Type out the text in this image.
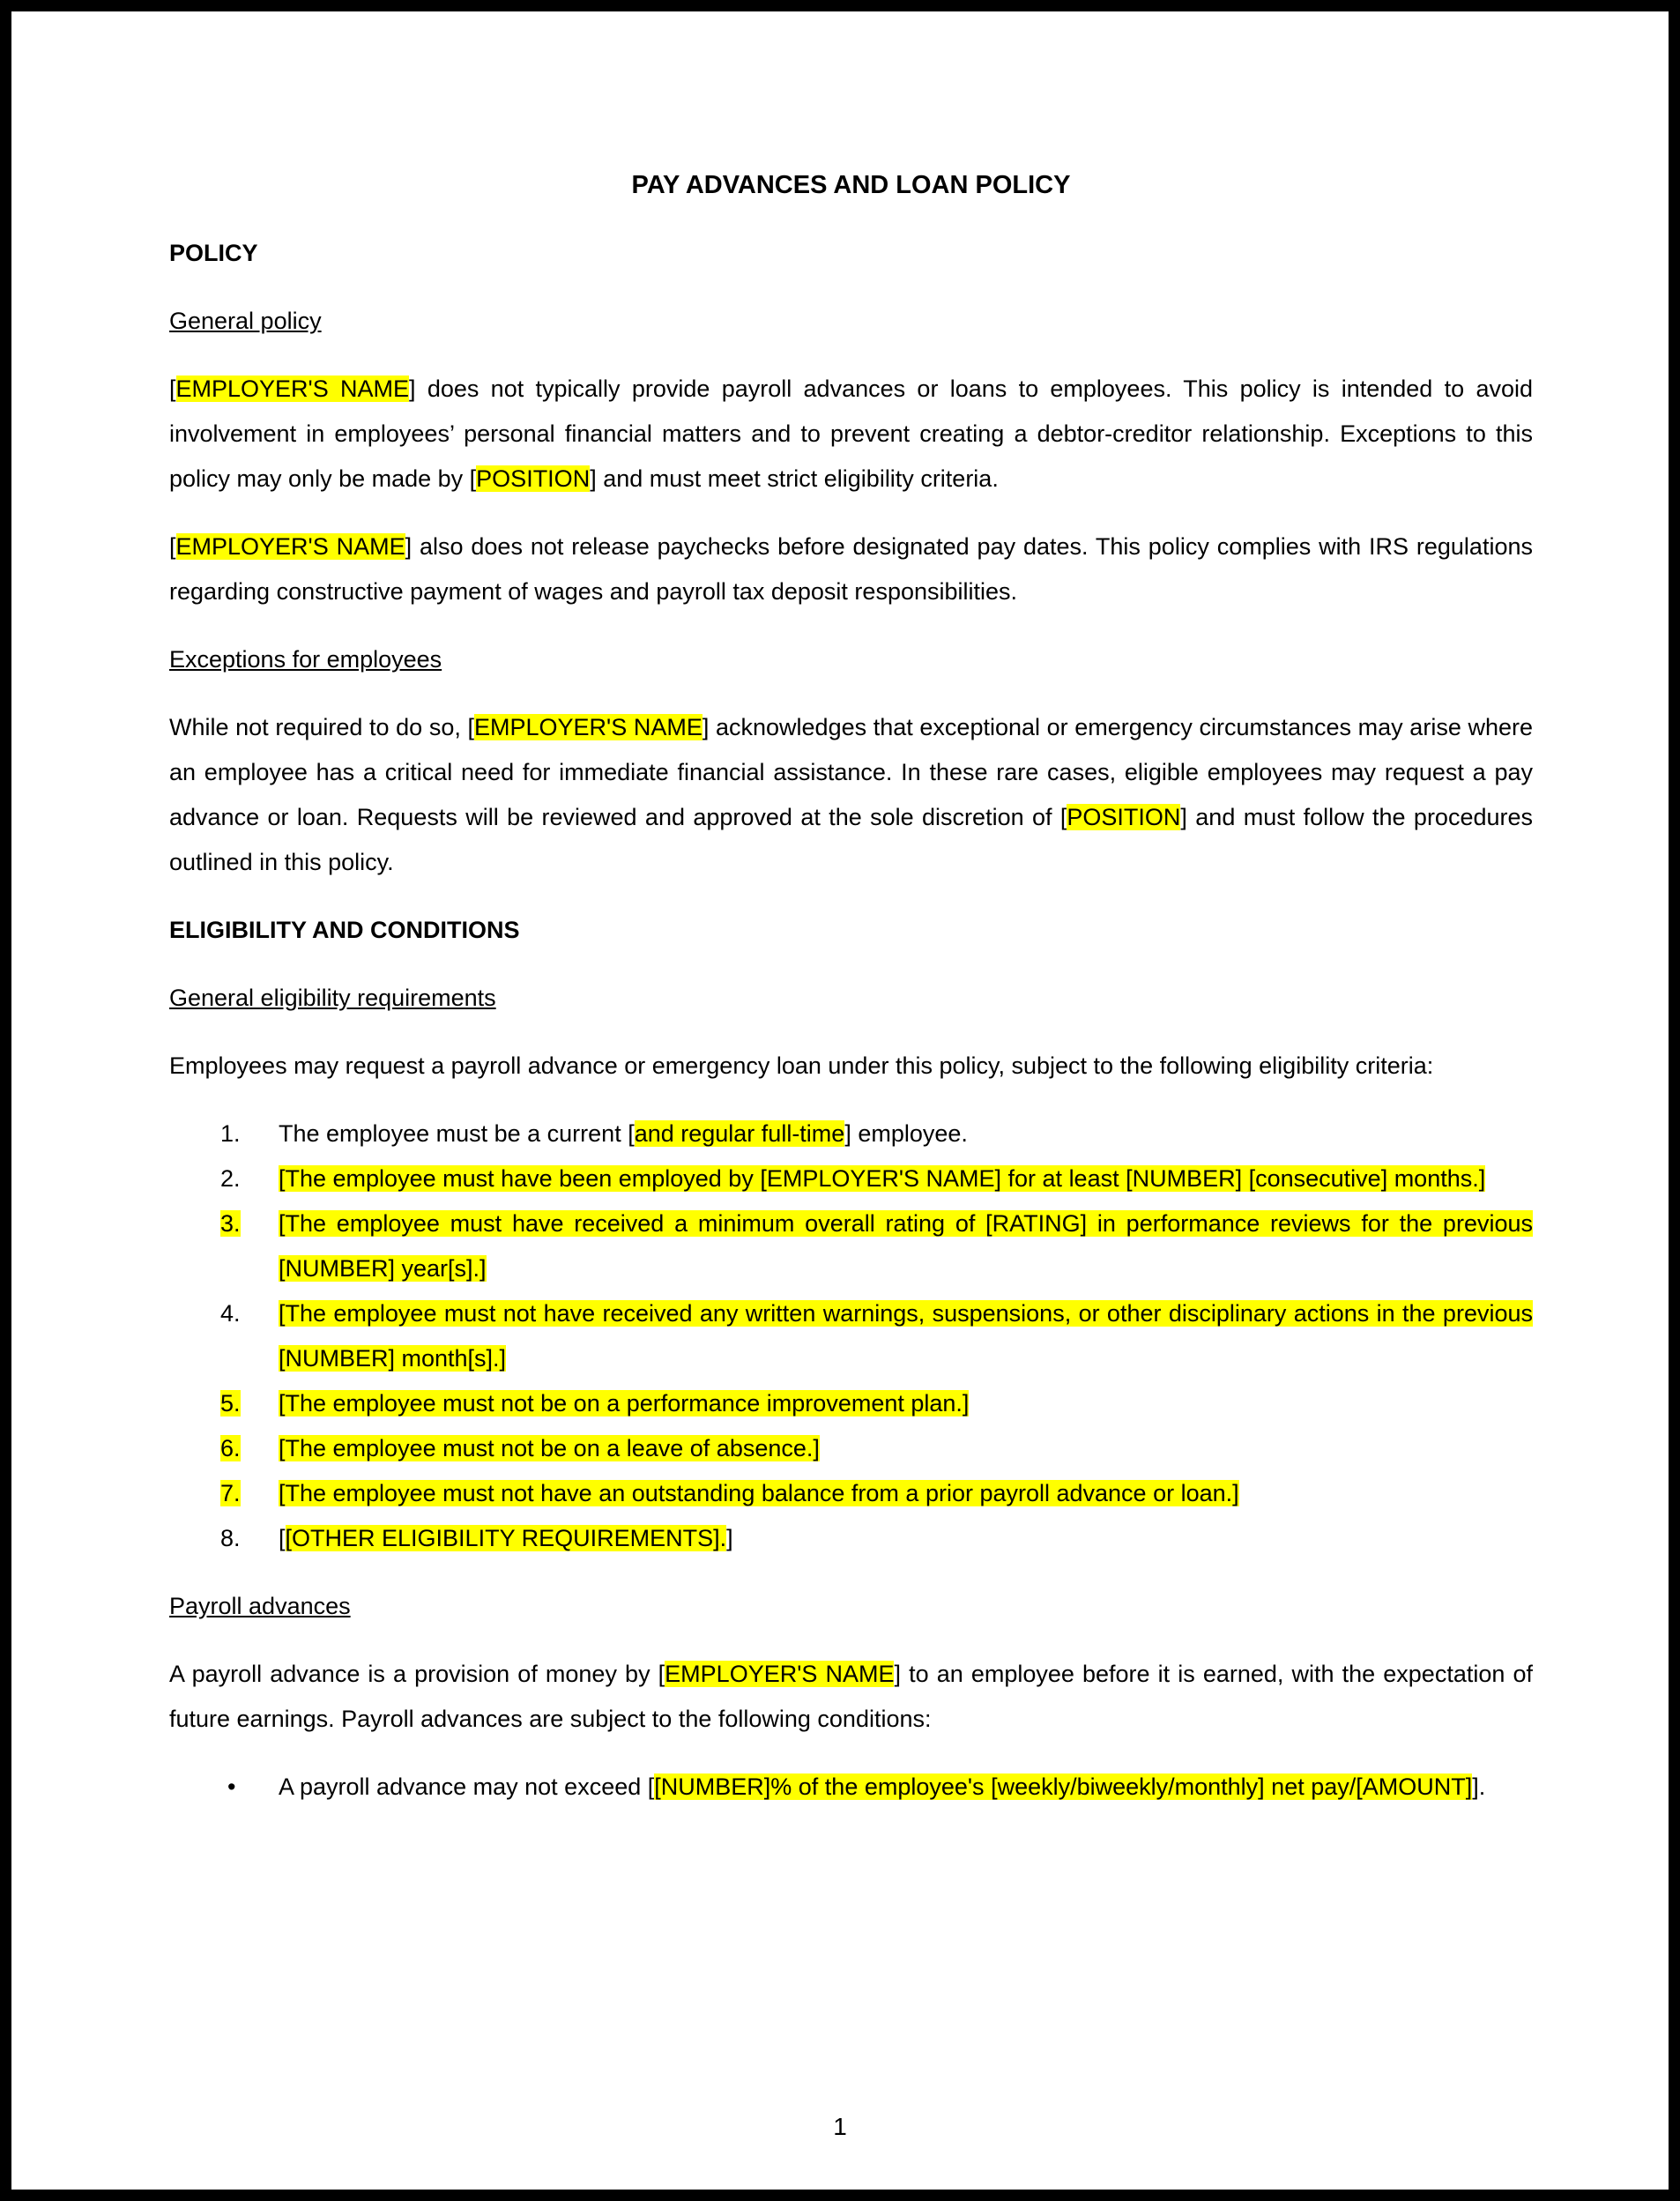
PAY ADVANCES AND LOAN POLICY
POLICY
General policy

[EMPLOYER'S NAME] does not typically provide payroll advances or loans to employees. This policy is intended to avoid involvement in employees’ personal financial matters and to prevent creating a debtor-creditor relationship. Exceptions to this policy may only be made by [POSITION] and must meet strict eligibility criteria.

[EMPLOYER'S NAME] also does not release paychecks before designated pay dates. This policy complies with IRS regulations regarding constructive payment of wages and payroll tax deposit responsibilities.

Exceptions for employees

While not required to do so, [EMPLOYER'S NAME] acknowledges that exceptional or emergency circumstances may arise where an employee has a critical need for immediate financial assistance. In these rare cases, eligible employees may request a pay advance or loan. Requests will be reviewed and approved at the sole discretion of [POSITION] and must follow the procedures outlined in this policy.

ELIGIBILITY AND CONDITIONS
General eligibility requirements

Employees may request a payroll advance or emergency loan under this policy, subject to the following eligibility criteria:

1.	The employee must be a current [and regular full-time] employee.
2.	[The employee must have been employed by [EMPLOYER'S NAME] for at least [NUMBER] [consecutive] months.]
3.	[The employee must have received a minimum overall rating of [RATING] in performance reviews for the previous [NUMBER] year[s].]
4.	[The employee must not have received any written warnings, suspensions, or other disciplinary actions in the previous [NUMBER] month[s].]
5.	[The employee must not be on a performance improvement plan.]
6.	[The employee must not be on a leave of absence.]
7.	[The employee must not have an outstanding balance from a prior payroll advance or loan.]
8.	[[OTHER ELIGIBILITY REQUIREMENTS].]
Payroll advances

A payroll advance is a provision of money by [EMPLOYER'S NAME] to an employee before it is earned, with the expectation of future earnings. Payroll advances are subject to the following conditions:

•	A payroll advance may not exceed [[NUMBER]% of the employee's [weekly/biweekly/monthly] net pay/[AMOUNT]].
1
